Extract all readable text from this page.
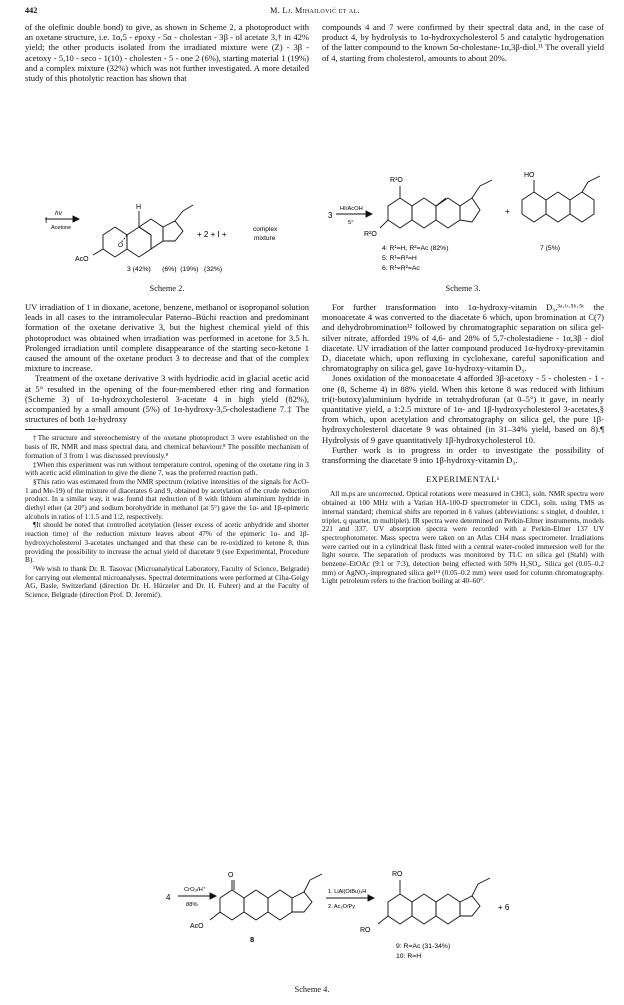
442	M. Lj. Mihailović et al.

of the olefinic double bond) to give, as shown in Scheme 2, a photoproduct with an oxetane structure, i.e. 1α,5 - epoxy - 5α - cholestan - 3β - ol acetate 3,† in 42% yield; the other products isolated from the irradiated mixture were (Z) - 3β - acetoxy - 5,10 - seco - 1(10) - cholesten - 5 - one 2 (6%), starting material 1 (19%) and a complex mixture (32%) which was not further investigated. A more detailed study of this photolytic reaction has shown that

compounds 4 and 7 were confirmed by their spectral data and, in the case of product 4, by hydrolysis to 1α-hydroxycholesterol 5 and catalytic hydrogenation of the latter compound to the known 5α-cholestane-1α,3β-diol.¹¹ The overall yield of 4, starting from cholesterol, amounts to about 20%.

I
hν
Acetone
H
O
AcO
+ 2 + I +
complex
mixture
3 (42%)      (6%)  (19%)   (32%)
Scheme 2.
3
HI/AcOH
5°
R¹O
R²O
HO
+
4: R¹=H, R²=Ac (82%)
5: R¹=R²=H
6: R¹=R²=Ac
7 (5%)
Scheme 3.

UV irradiation of 1 in dioxane, acetone, benzene, methanol or isopropanol solution leads in all cases to the intramolecular Paterno–Büchi reaction and predominant formation of the oxetane derivative 3, but the highest chemical yield of this photoproduct was obtained when irradiation was performed in acetone for 3.5 h. Prolonged irradiation until complete disappearance of the starting seco-ketone 1 caused the amount of the oxetane product 3 to decrease and that of the complex mixture to increase.

Treatment of the oxetane derivative 3 with hydriodic acid in glacial acetic acid at 5° resulted in the opening of the four-membered ether ring and formation (Scheme 3) of 1α-hydroxycholesterol 3-acetate 4 in high yield (82%), accompanied by a small amount (5%) of 1α-hydroxy-3,5-cholestadiene 7.‡ The structures of both 1α-hydroxy

†The structure and stereochemistry of the oxetane photoproduct 3 were established on the basis of IR, NMR and mass spectral data, and chemical behaviour.⁸ The possible mechanism of formation of 3 from 1 was discussed previously.⁸

‡When this experiment was run without temperature control, opening of the oxetane ring in 3 with acetic acid elimination to give the diene 7, was the preferred reaction path.

§This ratio was estimated from the NMR spectrum (relative intensities of the signals for AcO-1 and Me-19) of the mixture of diacetates 6 and 9, obtained by acetylation of the crude reduction product. In a similar way, it was found that reduction of 8 with lithium aluminium hydride in diethyl ether (at 20°) and sodium borohydride in methanol (at 5°) gave the 1α- and 1β-epimeric alcohols in ratios of 1:1.5 and 1:2, respectively.

¶It should be noted that controlled acetylation (lesser excess of acetic anhydride and shorter reaction time) of the reduction mixture leaves about 47% of the epimeric 1α- and 1β-hydroxycholesterol 3-acetates unchanged and that these can be re-oxidized to ketone 8, thus providing the possibility to increase the actual yield of diacetate 9 (see Experimental, Procedure B).

¹We wish to thank Dr. R. Tasovac (Microanalytical Laboratory, Faculty of Science, Belgrade) for carrying out elemental microanalyses. Spectral determinations were performed at Ciba-Geigy AG, Basle, Switzerland (direction Dr. H. Hürzeler and Dr. H. Fuhrer) and at the Faculty of Science, Belgrade (direction Prof. D. Jeremić).

For further transformation into 1α-hydroxy-vitamin D₃,³ᵃ·ᵇ·⁵ᵇ·⁵ᶜ the monoacetate 4 was converted to the diacetate 6 which, upon bromination at C(7) and dehydrobromination¹² followed by chromatographic separation on silica gel-silver nitrate, afforded 19% of 4,6- and 28% of 5,7-cholestadiene - 1α,3β - diol diacetate. UV irradiation of the latter compound produced 1α-hydroxy-previtamin D₃ diacetate which, upon refluxing in cyclohexane, careful saponification and chromatography on silica gel, gave 1α-hydroxy-vitamin D₃.

Jones oxidation of the monoacetate 4 afforded 3β-acetoxy - 5 - cholesten - 1 - one (8, Scheme 4) in 88% yield. When this ketone 8 was reduced with lithium tri(t-butoxy)aluminium hydride in tetrahydrofuran (at 0–5°) it gave, in nearly quantitative yield, a 1:2.5 mixture of 1α- and 1β-hydroxycholesterol 3-acetates,§ from which, upon acetylation and chromatography on silica gel, the pure 1β-hydroxycholesterol diacetate 9 was obtained (in 31–34% yield, based on 8).¶ Hydrolysis of 9 gave quantitatively 1β-hydroxycholesterol 10.

Further work is in progress in order to investigate the possibility of transforming the diacetate 9 into 1β-hydroxy-vitamin D₃.

EXPERIMENTAL¹

All m.ps are uncorrected. Optical rotations were measured in CHCl₃ soln. NMR spectra were obtained at 100 MHz with a Varian HA-100-D spectrometer in CDCl₃ soln. using TMS as internal standard; chemical shifts are reported in δ values (abbreviations: s singlet, d doublet, t triplet, q quartet, m multiplet). IR spectra were determined on Perkin-Elmer instruments, models 221 and 337. UV absorption spectra were recorded with a Perkin-Elmer 137 UV spectrophotometer. Mass spectra were taken on an Atlas CH4 mass spectrometer. Irradiations were carried out in a cylindrical flask fitted with a central water-cooled immersion well for the light source. The separation of products was monitored by TLC on silica gel (Stahl) with benzene–EtOAc (9:1 or 7:3), detection being effected with 50% H₂SO₄. Silica gel (0.05–0.2 mm) or AgNO₃-impregnated silica gel¹⁴ (0.05–0.2 mm) were used for column chromatography. Light petroleum refers to the fraction boiling at 40–60°.

4
CrO₃/H⁺
88%
O
AcO
8
1. LiAl(OtBu)₃H
2. Ac₂O/Py
RO
RO
+ 6
9: R=Ac (31-34%)
10: R=H
Scheme 4.
